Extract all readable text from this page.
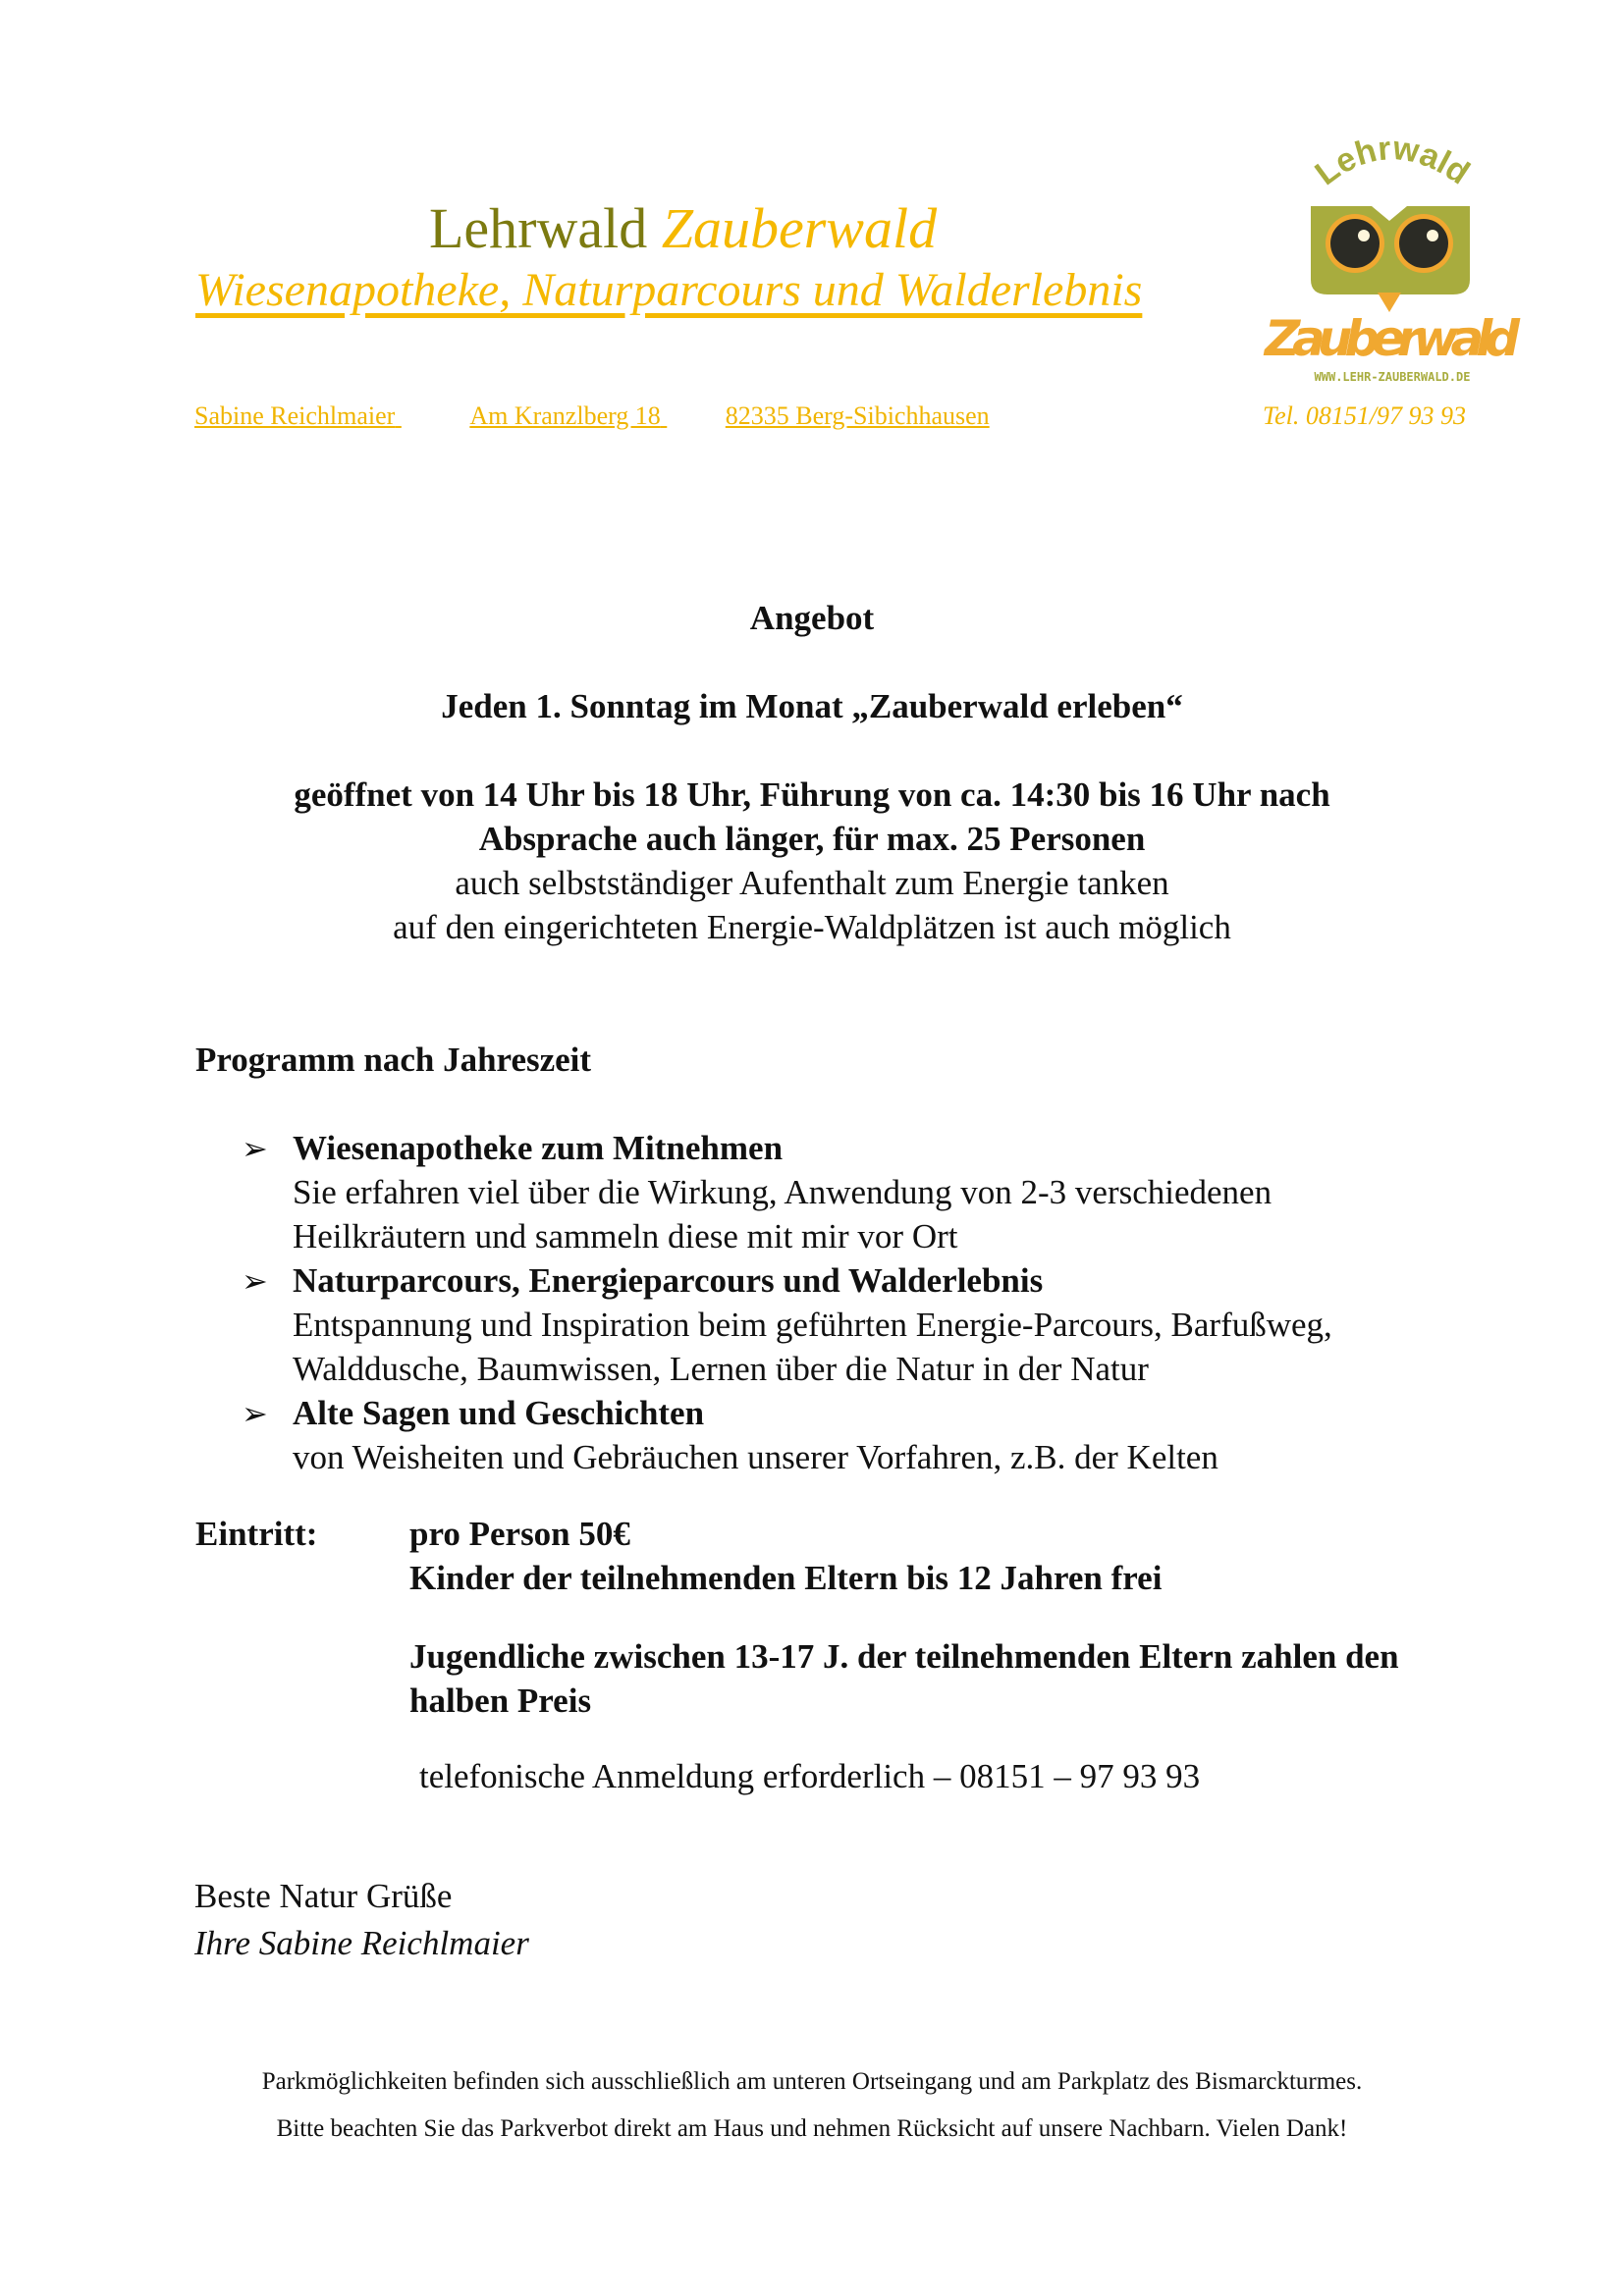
Lehrwald Zauberwald
Wiesenapotheke, Naturparcours und Walderlebnis
Sabine Reichlmaier	Am Kranzlberg 18	82335 Berg-Sibichhausen	Tel. 08151/97 93 93
Lehrwald
Zauberwald
WWW.LEHR-ZAUBERWALD.DE
Angebot
Jeden 1. Sonntag im Monat „Zauberwald erleben“
geöffnet von 14 Uhr bis 18 Uhr, Führung von ca. 14:30 bis 16 Uhr nach
Absprache auch länger, für max. 25 Personen
auch selbstständiger Aufenthalt zum Energie tanken
auf den eingerichteten Energie-Waldplätzen ist auch möglich
Programm nach Jahreszeit
➢ Wiesenapotheke zum Mitnehmen
Sie erfahren viel über die Wirkung, Anwendung von 2-3 verschiedenen
Heilkräutern und sammeln diese mit mir vor Ort
➢ Naturparcours, Energieparcours und Walderlebnis
Entspannung und Inspiration beim geführten Energie-Parcours, Barfußweg,
Walddusche, Baumwissen, Lernen über die Natur in der Natur
➢ Alte Sagen und Geschichten
von Weisheiten und Gebräuchen unserer Vorfahren, z.B. der Kelten
Eintritt:	pro Person 50€
Kinder der teilnehmenden Eltern bis 12 Jahren frei
Jugendliche zwischen 13-17 J. der teilnehmenden Eltern zahlen den
halben Preis
telefonische Anmeldung erforderlich – 08151 – 97 93 93
Beste Natur Grüße
Ihre Sabine Reichlmaier
Parkmöglichkeiten befinden sich ausschließlich am unteren Ortseingang und am Parkplatz des Bismarckturmes.
Bitte beachten Sie das Parkverbot direkt am Haus und nehmen Rücksicht auf unsere Nachbarn. Vielen Dank!
